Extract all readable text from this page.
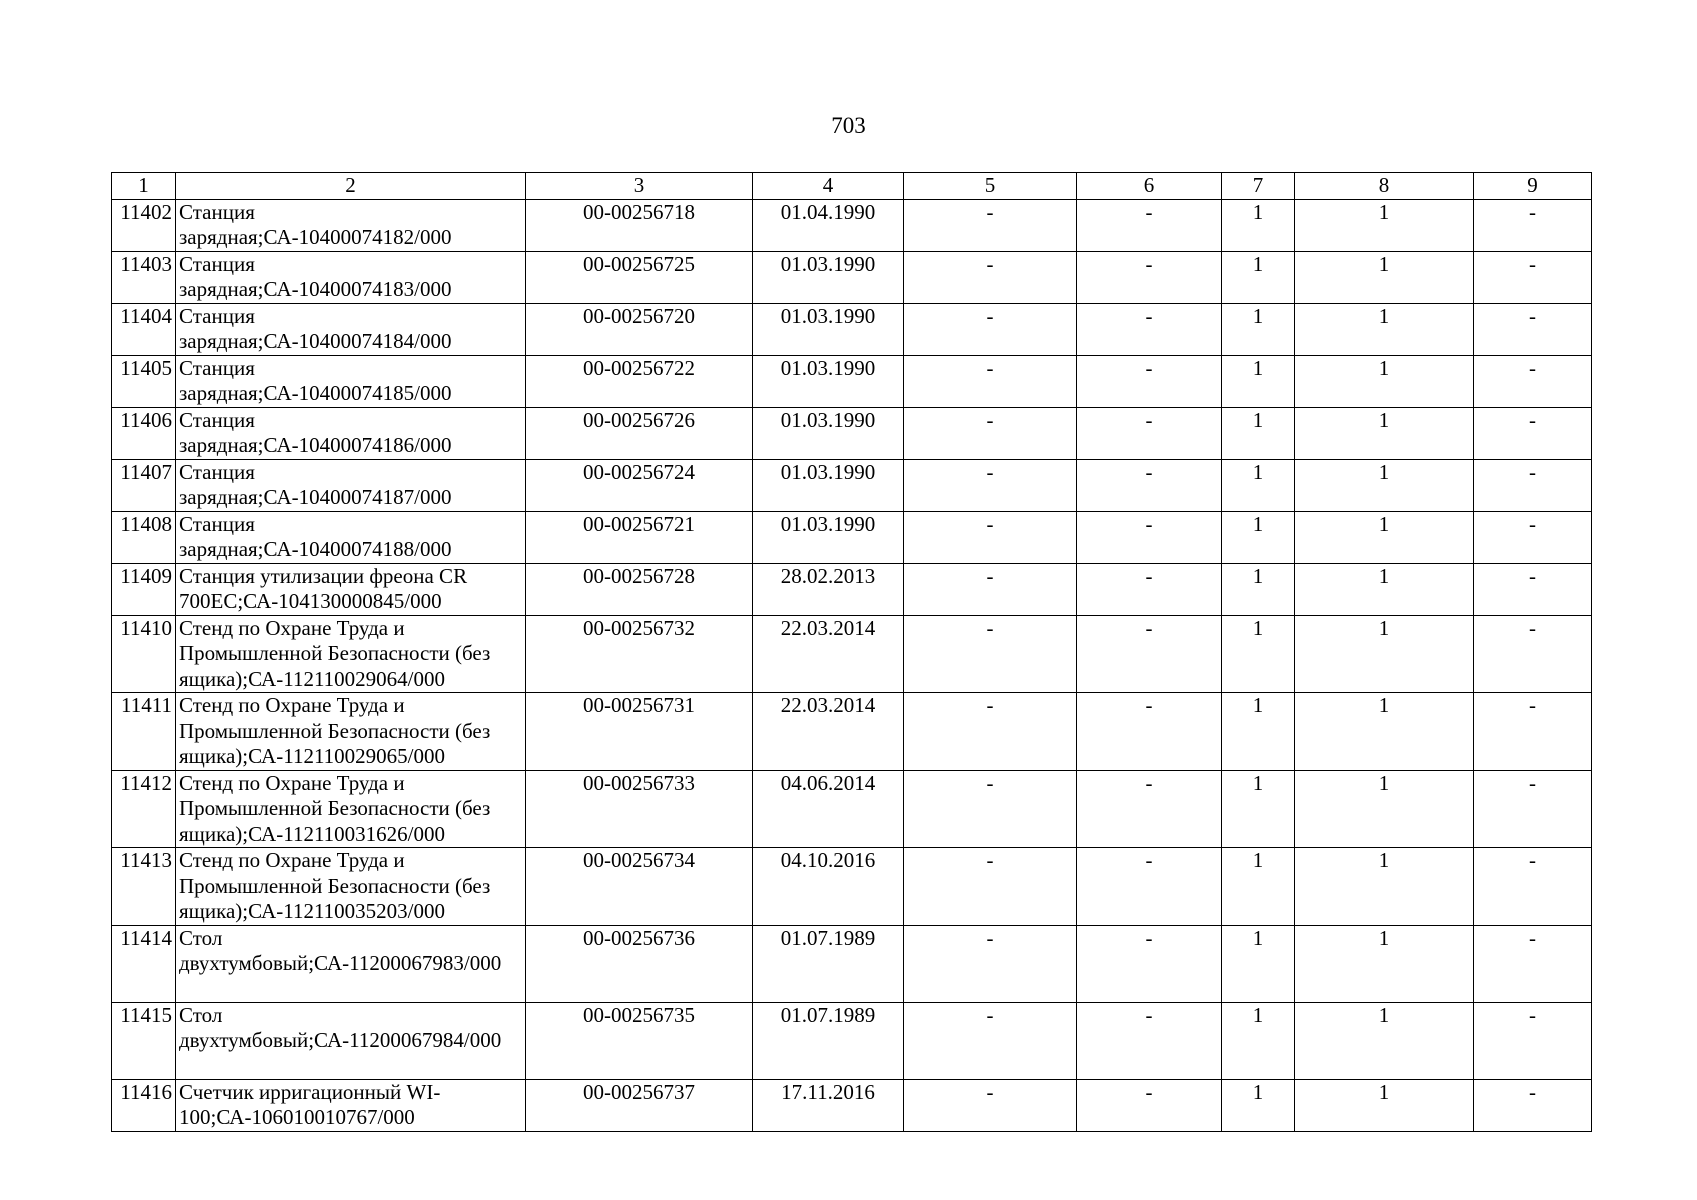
703
1	2	3	4	5	6	7	8	9
11402	Станция зарядная;СА-10400074182/000	00-00256718	01.04.1990	-	-	1	1	-
11403	Станция зарядная;СА-10400074183/000	00-00256725	01.03.1990	-	-	1	1	-
11404	Станция зарядная;СА-10400074184/000	00-00256720	01.03.1990	-	-	1	1	-
11405	Станция зарядная;СА-10400074185/000	00-00256722	01.03.1990	-	-	1	1	-
11406	Станция зарядная;СА-10400074186/000	00-00256726	01.03.1990	-	-	1	1	-
11407	Станция зарядная;СА-10400074187/000	00-00256724	01.03.1990	-	-	1	1	-
11408	Станция зарядная;СА-10400074188/000	00-00256721	01.03.1990	-	-	1	1	-
11409	Станция утилизации фреона CR 700EC;СА-104130000845/000	00-00256728	28.02.2013	-	-	1	1	-
11410	Стенд по Охране Труда и Промышленной Безопасности (без ящика);СА-112110029064/000	00-00256732	22.03.2014	-	-	1	1	-
11411	Стенд по Охране Труда и Промышленной Безопасности (без ящика);СА-112110029065/000	00-00256731	22.03.2014	-	-	1	1	-
11412	Стенд по Охране Труда и Промышленной Безопасности (без ящика);СА-112110031626/000	00-00256733	04.06.2014	-	-	1	1	-
11413	Стенд по Охране Труда и Промышленной Безопасности (без ящика);СА-112110035203/000	00-00256734	04.10.2016	-	-	1	1	-
11414	Стол двухтумбовый;СА-11200067983/000	00-00256736	01.07.1989	-	-	1	1	-
11415	Стол двухтумбовый;СА-11200067984/000	00-00256735	01.07.1989	-	-	1	1	-
11416	Счетчик ирригационный WI-100;СА-106010010767/000	00-00256737	17.11.2016	-	-	1	1	-
